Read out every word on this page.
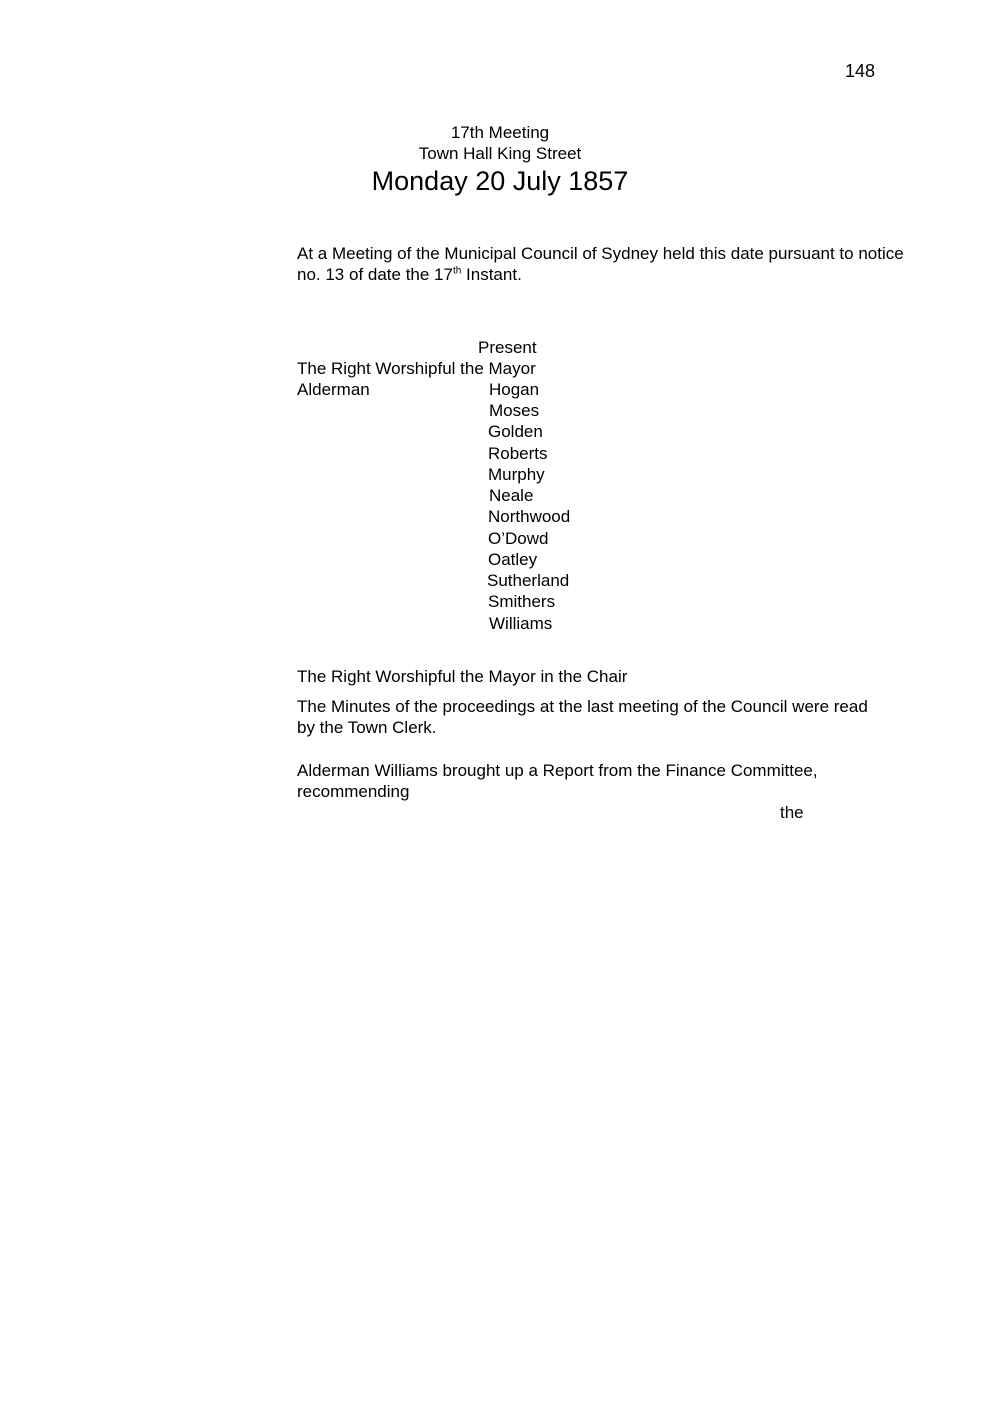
148
17th Meeting
Town Hall King Street
Monday 20 July 1857
At a Meeting of the Municipal Council of Sydney held this date pursuant to notice no. 13 of date the 17th Instant.
Present
The Right Worshipful the Mayor
Alderman	Hogan
Moses
Golden
Roberts
Murphy
Neale
Northwood
O’Dowd
Oatley
Sutherland
Smithers
Williams
The Right Worshipful the Mayor in the Chair
The Minutes of the proceedings at the last meeting of the Council were read by the Town Clerk.
Alderman Williams brought up a Report from the Finance Committee, recommending
the
